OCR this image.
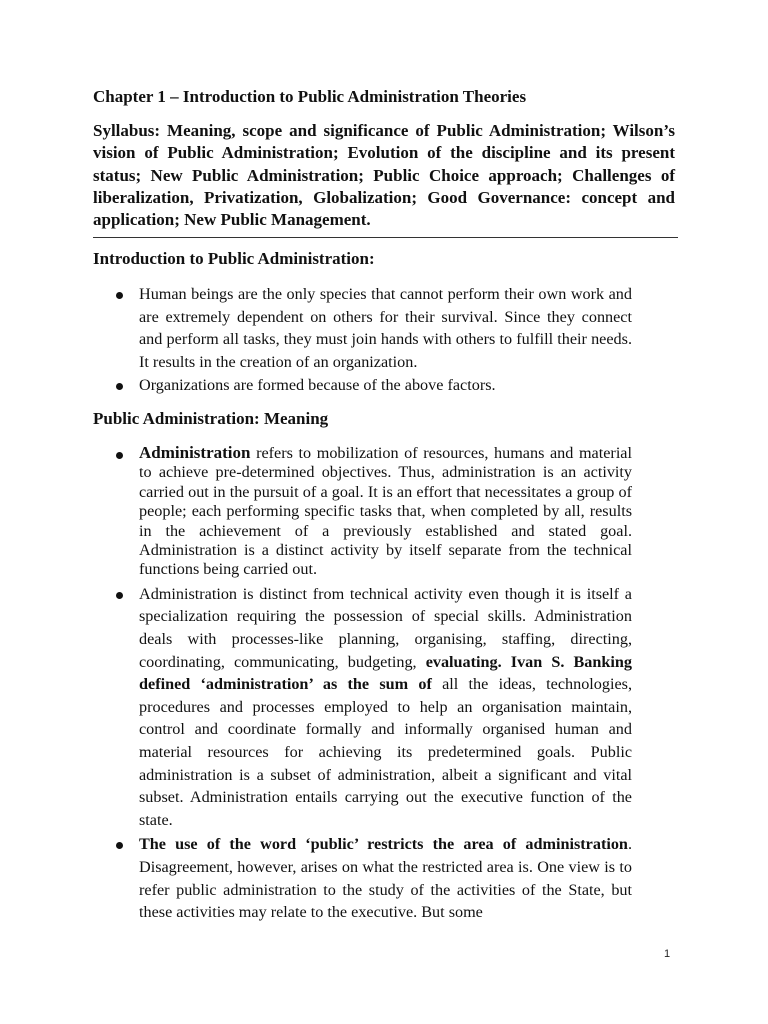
Chapter 1 – Introduction to Public Administration Theories
Syllabus: Meaning, scope and significance of Public Administration; Wilson’s vision of Public Administration; Evolution of the discipline and its present status; New Public Administration; Public Choice approach; Challenges of liberalization, Privatization, Globalization; Good Governance: concept and application; New Public Management.
Introduction to Public Administration:
Human beings are the only species that cannot perform their own work and are extremely dependent on others for their survival. Since they connect and perform all tasks, they must join hands with others to fulfill their needs. It results in the creation of an organization.
Organizations are formed because of the above factors.
Public Administration: Meaning
Administration refers to mobilization of resources, humans and material to achieve pre-determined objectives. Thus, administration is an activity carried out in the pursuit of a goal. It is an effort that necessitates a group of people; each performing specific tasks that, when completed by all, results in the achievement of a previously established and stated goal. Administration is a distinct activity by itself separate from the technical functions being carried out.
Administration is distinct from technical activity even though it is itself a specialization requiring the possession of special skills. Administration deals with processes-like planning, organising, staffing, directing, coordinating, communicating, budgeting, evaluating. Ivan S. Banking defined ‘administration’ as the sum of all the ideas, technologies, procedures and processes employed to help an organisation maintain, control and coordinate formally and informally organised human and material resources for achieving its predetermined goals. Public administration is a subset of administration, albeit a significant and vital subset. Administration entails carrying out the executive function of the state.
The use of the word ‘public’ restricts the area of administration. Disagreement, however, arises on what the restricted area is. One view is to refer public administration to the study of the activities of the State, but these activities may relate to the executive. But some
1
